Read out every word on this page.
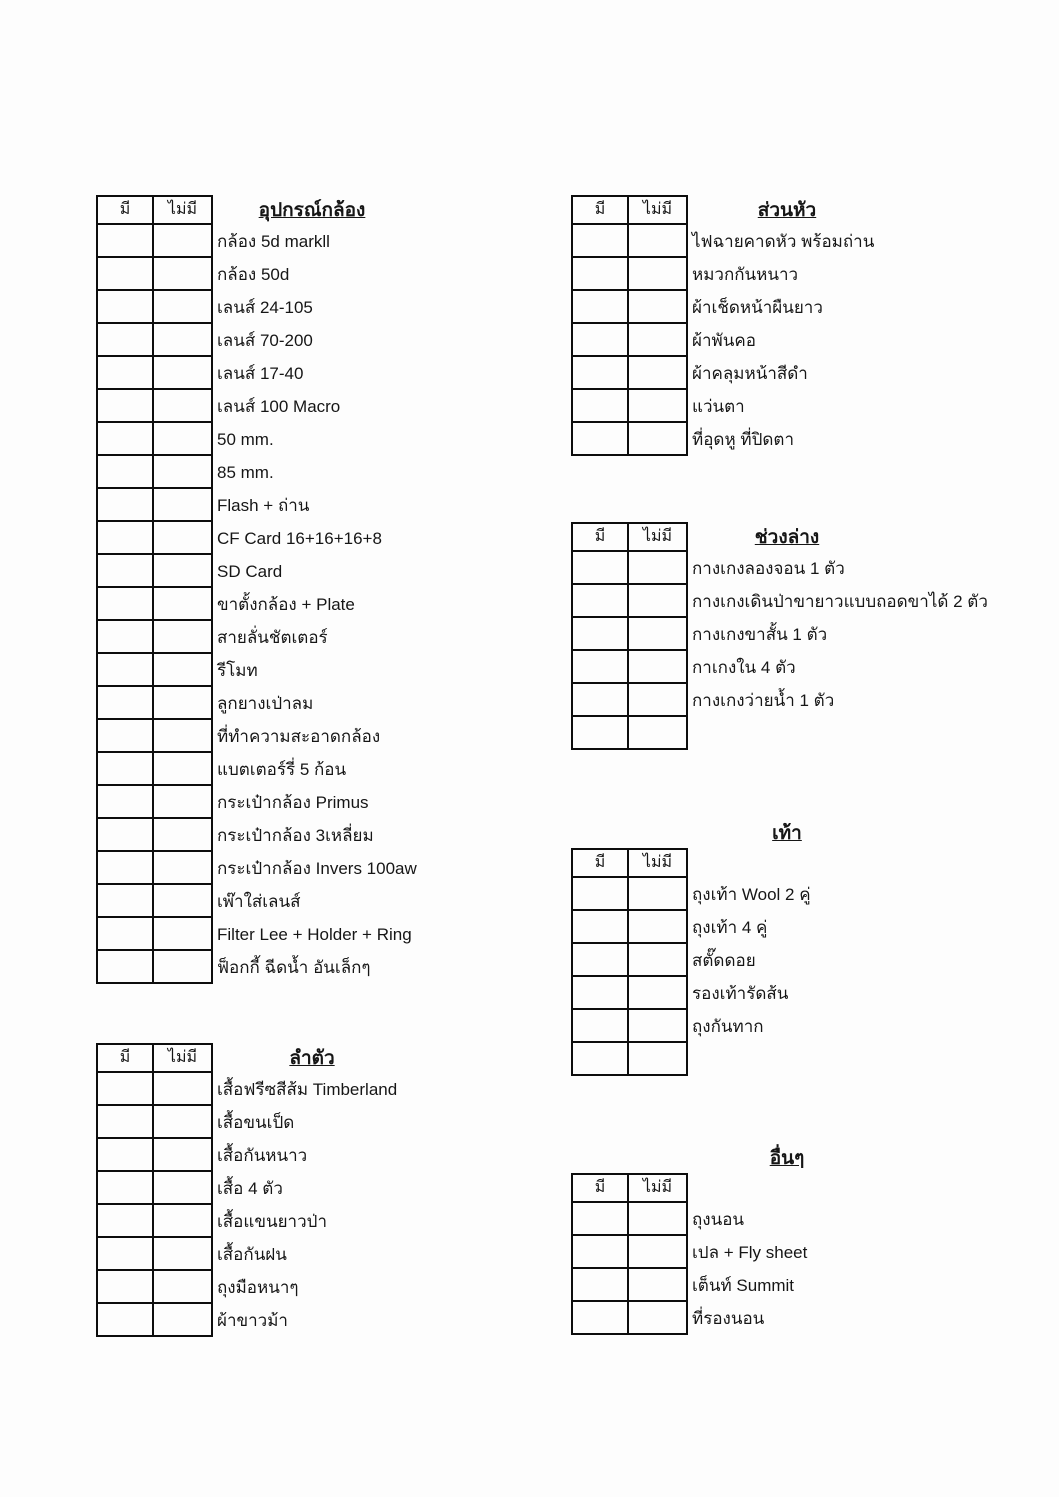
มี	ไม่มี	อุปกรณ์กล้อง
กล้อง 5d markll
กล้อง 50d
เลนส์ 24-105
เลนส์ 70-200
เลนส์ 17-40
เลนส์ 100 Macro
50 mm.
85 mm.
Flash + ถ่าน
CF Card 16+16+16+8
SD Card
ขาตั้งกล้อง + Plate
สายลั่นชัตเตอร์
รีโมท
ลูกยางเป่าลม
ที่ทำความสะอาดกล้อง
แบตเตอร์รี่ 5 ก้อน
กระเป๋ากล้อง Primus
กระเป๋ากล้อง 3เหลี่ยม
กระเป๋ากล้อง Invers 100aw
เพ๊าใส่เลนส์
Filter Lee + Holder + Ring
ฟ็อกกี้ ฉีดน้ำ อันเล็กๆ
มี	ไม่มี	ลำตัว
เสื้อฟรีซสีส้ม Timberland
เสื้อขนเป็ด
เสื้อกันหนาว
เสื้อ 4 ตัว
เสื้อแขนยาวป่า
เสื้อกันฝน
ถุงมือหนาๆ
ผ้าขาวม้า
มี	ไม่มี	ส่วนหัว
ไฟฉายคาดหัว พร้อมถ่าน
หมวกกันหนาว
ผ้าเช็ดหน้าผืนยาว
ผ้าพันคอ
ผ้าคลุมหน้าสีดำ
แว่นตา
ที่อุดหู ที่ปิดตา
มี	ไม่มี	ช่วงล่าง
กางเกงลองจอน 1 ตัว
กางเกงเดินป่าขายาวแบบถอดขาได้ 2 ตัว
กางเกงขาสั้น 1 ตัว
กาเกงใน 4 ตัว
กางเกงว่ายน้ำ 1 ตัว
เท้า
มี	ไม่มี
ถุงเท้า Wool 2 คู่
ถุงเท้า 4 คู่
สตั๊ดดอย
รองเท้ารัดส้น
ถุงกันทาก
อื่นๆ
มี	ไม่มี
ถุงนอน
เปล + Fly sheet
เต็นท์ Summit
ที่รองนอน
